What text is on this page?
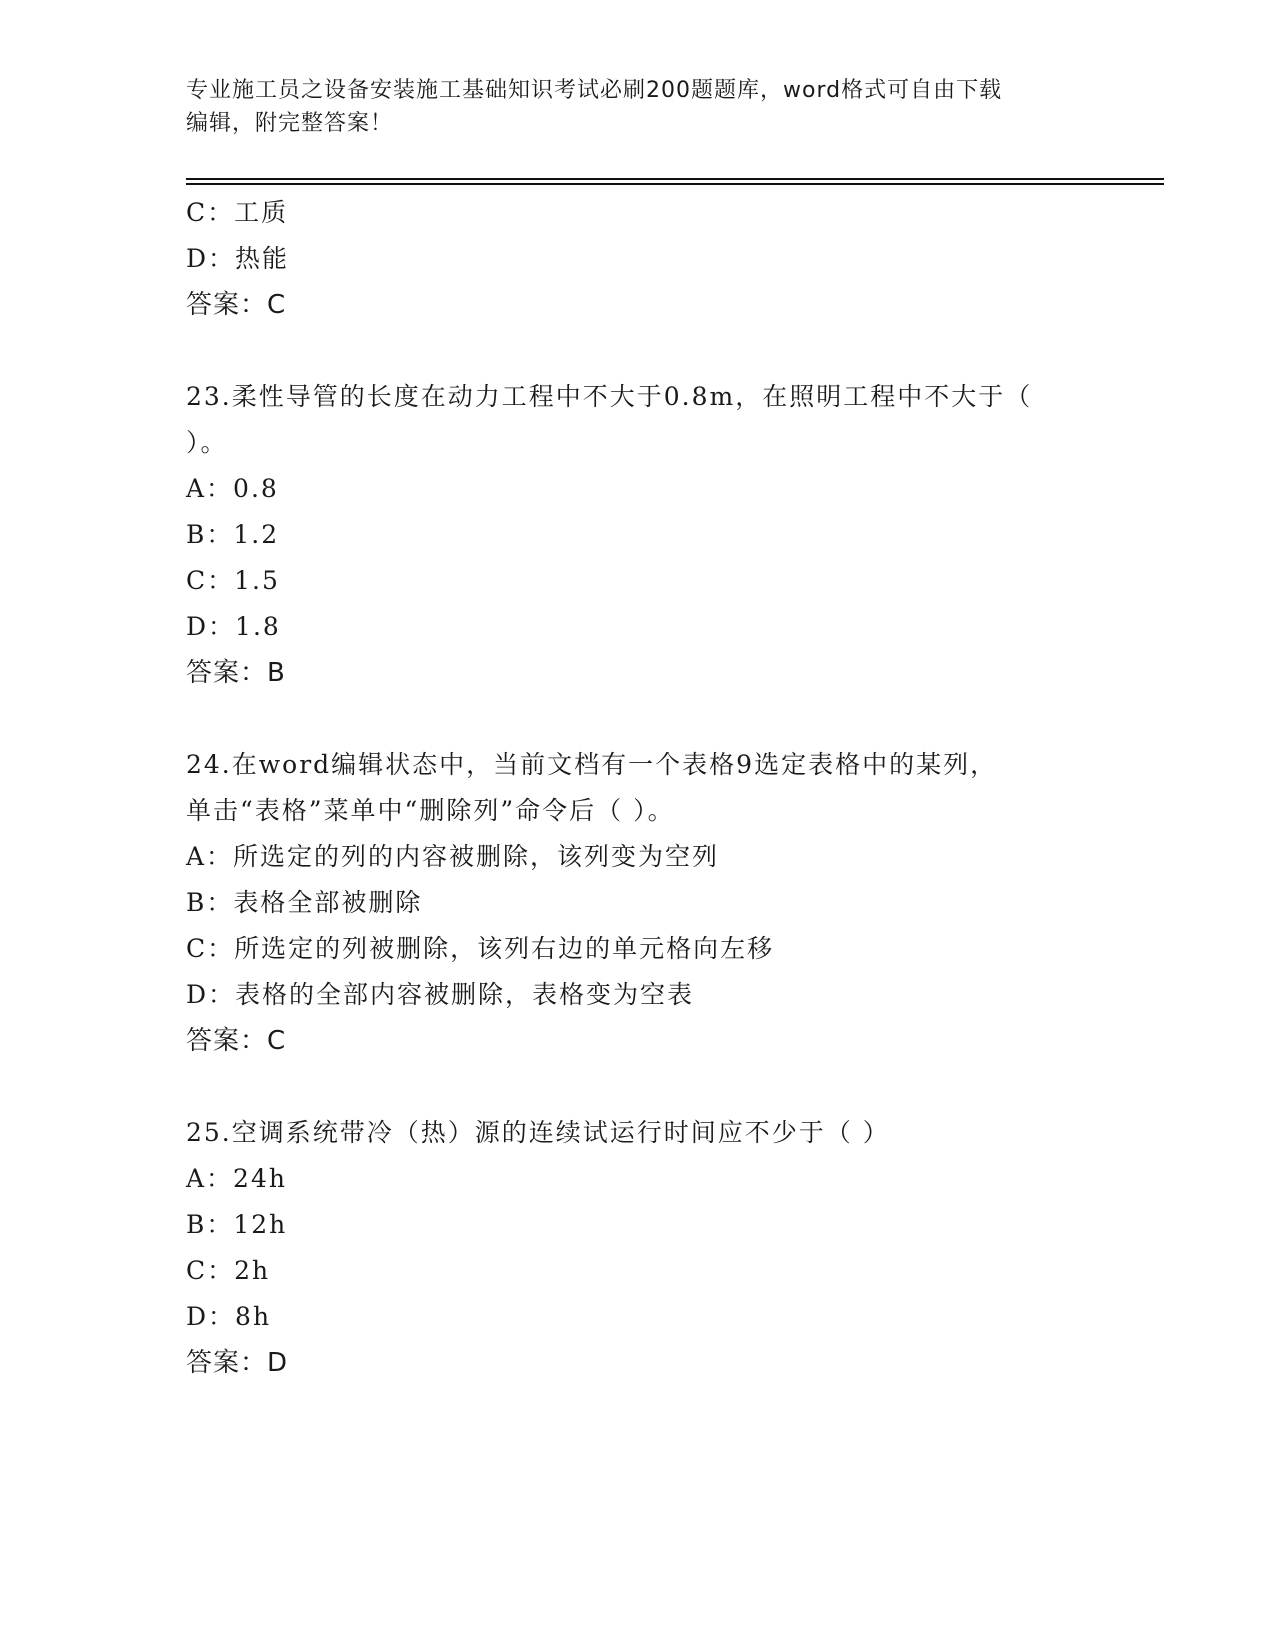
专业施工员之设备安装施工基础知识考试必刷200题题库，word格式可自由下载
编辑，附完整答案！
C：工质
D：热能
答案：C
23.柔性导管的长度在动力工程中不大于0.8m，在照明工程中不大于（
）。
A：0.8
B：1.2
C：1.5
D：1.8
答案：B
24.在word编辑状态中，当前文档有一个表格9选定表格中的某列，
单击“表格”菜单中“删除列”命令后（ ）。
A：所选定的列的内容被删除，该列变为空列
B：表格全部被删除
C：所选定的列被删除，该列右边的单元格向左移
D：表格的全部内容被删除，表格变为空表
答案：C
25.空调系统带冷（热）源的连续试运行时间应不少于（ ）
A：24h
B：12h
C：2h
D：8h
答案：D
